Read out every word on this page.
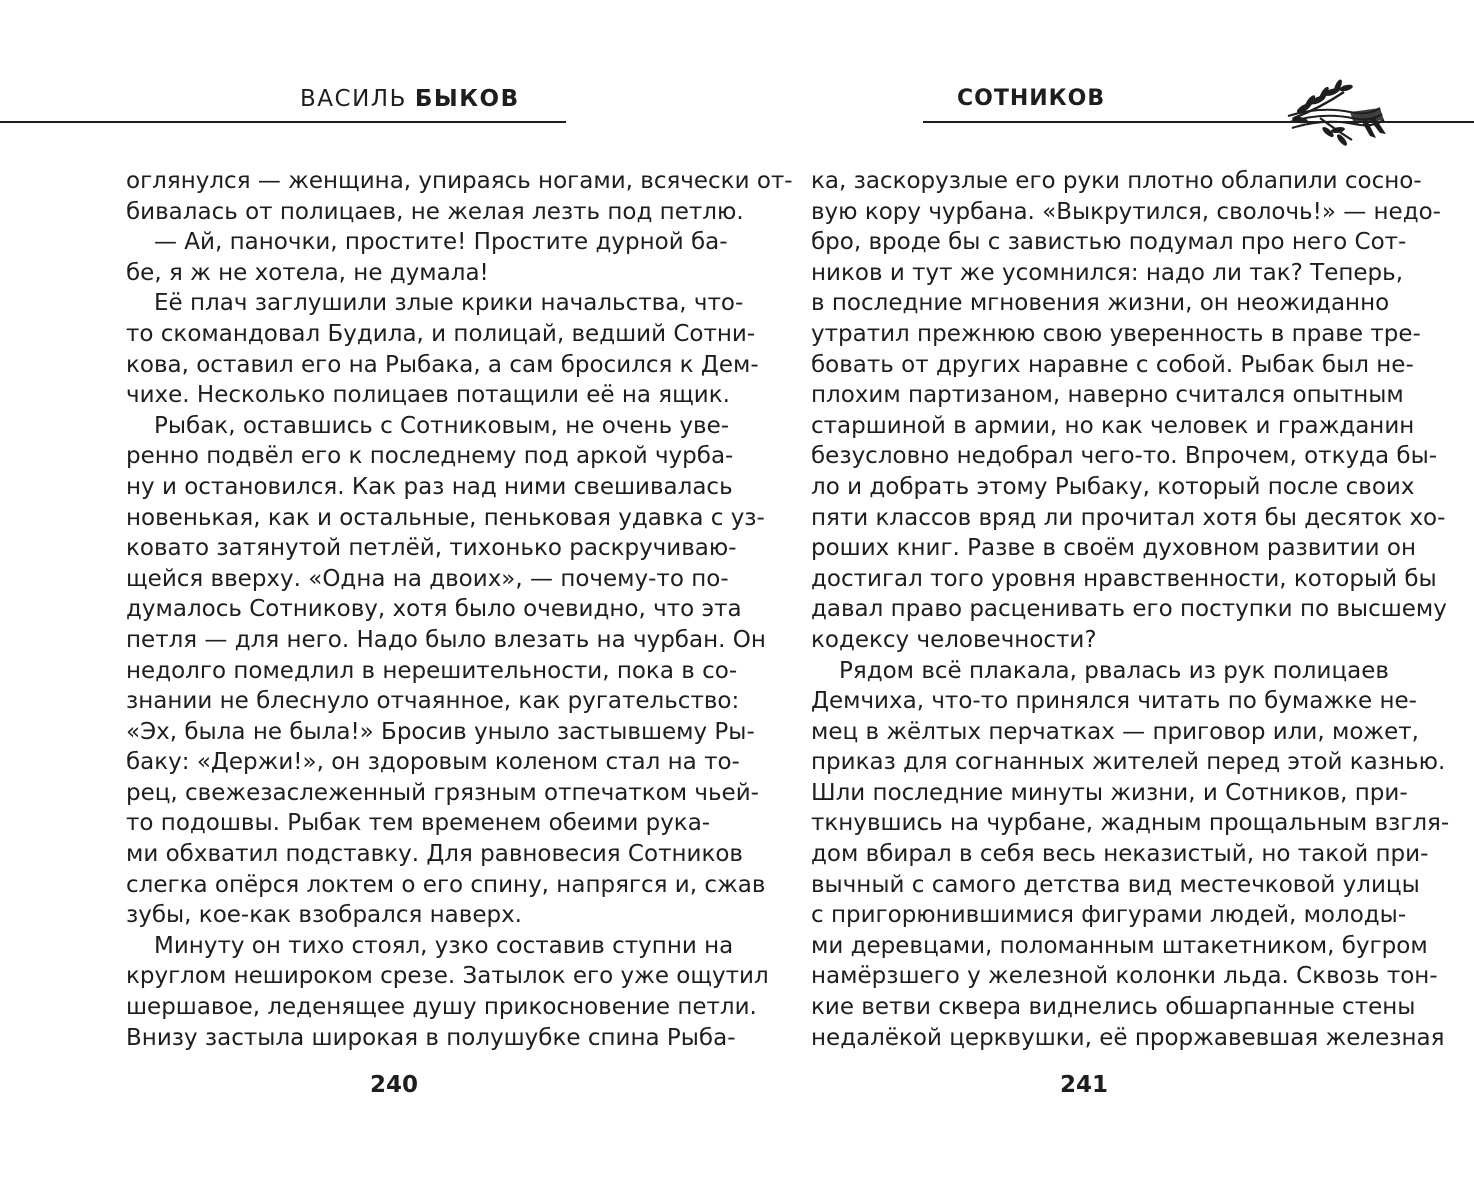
ВАСИЛЬ БЫКОВ
оглянулся — женщина, упираясь ногами, всячески от-
бивалась от полицаев, не желая лезть под петлю.
— Ай, паночки, простите! Простите дурной ба-
бе, я ж не хотела, не думала!
Её плач заглушили злые крики начальства, что-
то скомандовал Будила, и полицай, ведший Сотни-
кова, оставил его на Рыбака, а сам бросился к Дем-
чихе. Несколько полицаев потащили её на ящик.
Рыбак, оставшись с Сотниковым, не очень уве-
ренно подвёл его к последнему под аркой чурба-
ну и остановился. Как раз над ними свешивалась
новенькая, как и остальные, пеньковая удавка с уз-
ковато затянутой петлёй, тихонько раскручиваю-
щейся вверху. «Одна на двоих», — почему-то по-
думалось Сотникову, хотя было очевидно, что эта
петля — для него. Надо было влезать на чурбан. Он
недолго помедлил в нерешительности, пока в со-
знании не блеснуло отчаянное, как ругательство:
«Эх, была не была!» Бросив уныло застывшему Ры-
баку: «Держи!», он здоровым коленом стал на то-
рец, свежезаслеженный грязным отпечатком чьей-
то подошвы. Рыбак тем временем обеими рука-
ми обхватил подставку. Для равновесия Сотников
слегка опёрся локтем о его спину, напрягся и, сжав
зубы, кое-как взобрался наверх.
Минуту он тихо стоял, узко составив ступни на
круглом нешироком срезе. Затылок его уже ощутил
шершавое, леденящее душу прикосновение петли.
Внизу застыла широкая в полушубке спина Рыба-
240
СОТНИКОВ
ка, заскорузлые его руки плотно облапили сосно-
вую кору чурбана. «Выкрутился, сволочь!» — недо-
бро, вроде бы с завистью подумал про него Сот-
ников и тут же усомнился: надо ли так? Теперь,
в последние мгновения жизни, он неожиданно
утратил прежнюю свою уверенность в праве тре-
бовать от других наравне с собой. Рыбак был не-
плохим партизаном, наверно считался опытным
старшиной в армии, но как человек и гражданин
безусловно недобрал чего-то. Впрочем, откуда бы-
ло и добрать этому Рыбаку, который после своих
пяти классов вряд ли прочитал хотя бы десяток хо-
роших книг. Разве в своём духовном развитии он
достигал того уровня нравственности, который бы
давал право расценивать его поступки по высшему
кодексу человечности?
Рядом всё плакала, рвалась из рук полицаев
Демчиха, что-то принялся читать по бумажке не-
мец в жёлтых перчатках — приговор или, может,
приказ для согнанных жителей перед этой казнью.
Шли последние минуты жизни, и Сотников, при-
ткнувшись на чурбане, жадным прощальным взгля-
дом вбирал в себя весь неказистый, но такой при-
вычный с самого детства вид местечковой улицы
с пригорюнившимися фигурами людей, молоды-
ми деревцами, поломанным штакетником, бугром
намёрзшего у железной колонки льда. Сквозь тон-
кие ветви сквера виднелись обшарпанные стены
недалёкой церквушки, её проржавевшая железная
241
